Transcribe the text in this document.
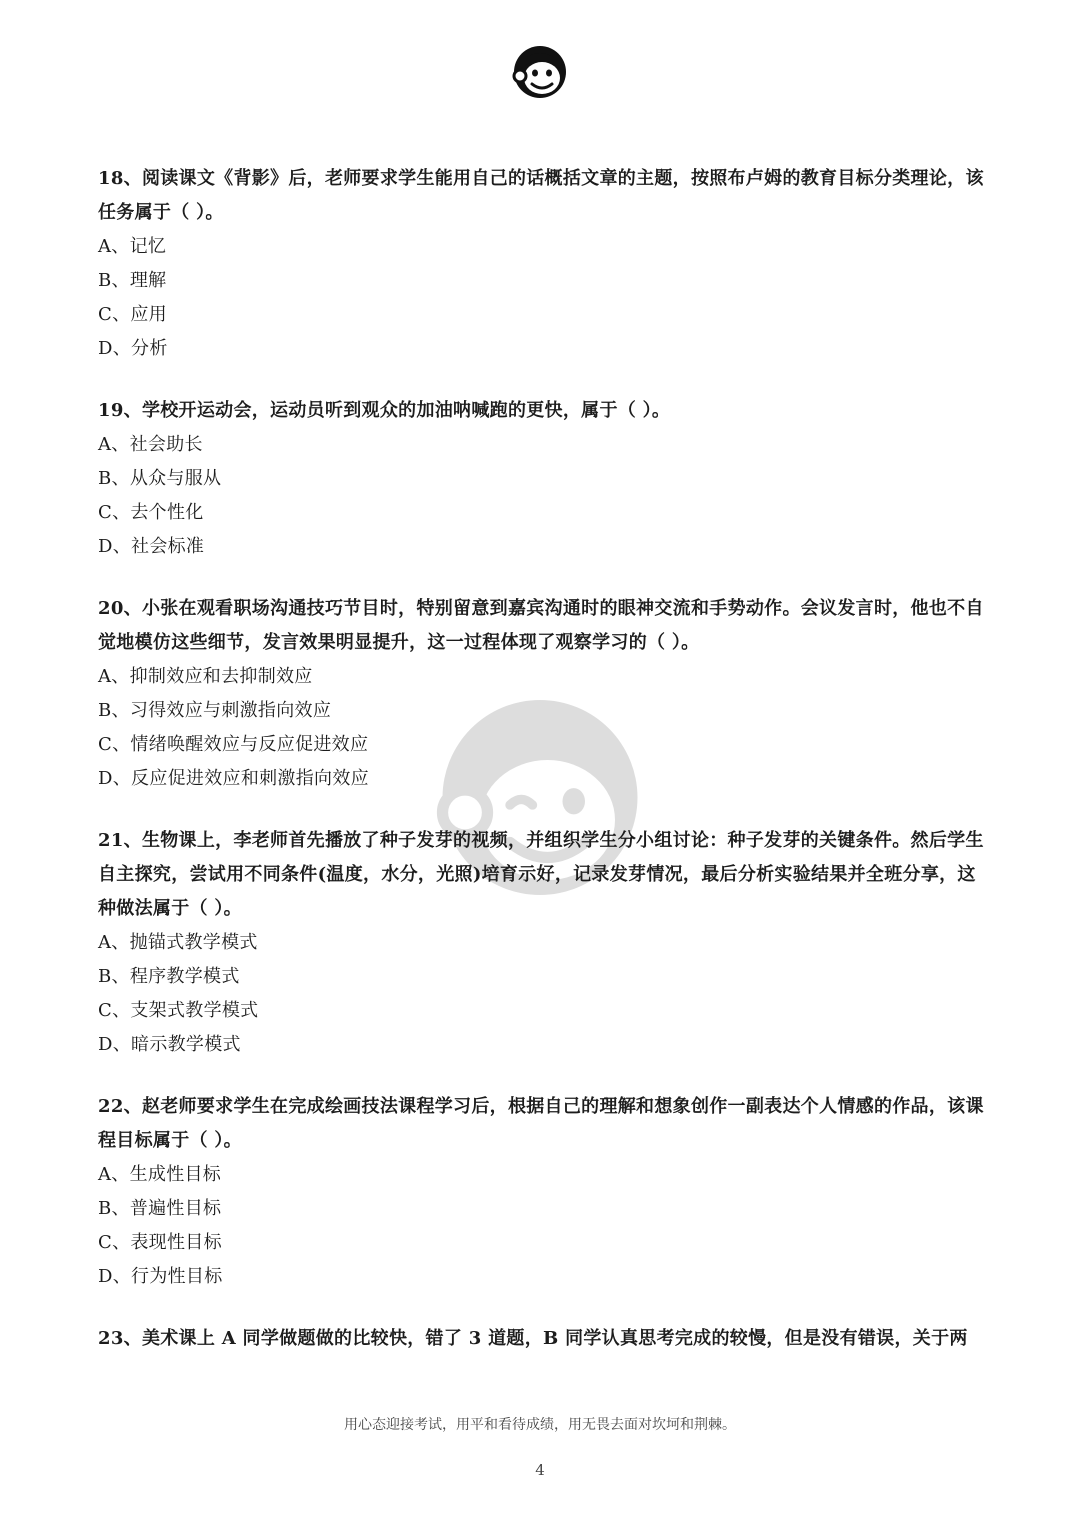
18、阅读课文《背影》后，老师要求学生能用自己的话概括文章的主题，按照布卢姆的教育目标分类理论，该任务属于（ ）。

A、记忆

B、理解

C、应用

D、分析

19、学校开运动会，运动员听到观众的加油呐喊跑的更快，属于（ ）。

A、社会助长

B、从众与服从

C、去个性化

D、社会标准

20、小张在观看职场沟通技巧节目时，特别留意到嘉宾沟通时的眼神交流和手势动作。会议发言时，他也不自觉地模仿这些细节，发言效果明显提升，这一过程体现了观察学习的（ ）。

A、抑制效应和去抑制效应

B、习得效应与刺激指向效应

C、情绪唤醒效应与反应促进效应

D、反应促进效应和刺激指向效应

21、生物课上，李老师首先播放了种子发芽的视频，并组织学生分小组讨论：种子发芽的关键条件。然后学生自主探究，尝试用不同条件(温度，水分，光照)培育示好，记录发芽情况，最后分析实验结果并全班分享，这种做法属于（ ）。

A、抛锚式教学模式

B、程序教学模式

C、支架式教学模式

D、暗示教学模式

22、赵老师要求学生在完成绘画技法课程学习后，根据自己的理解和想象创作一副表达个人情感的作品，该课程目标属于（ ）。

A、生成性目标

B、普遍性目标

C、表现性目标

D、行为性目标

23、美术课上 A 同学做题做的比较快，错了 3 道题，B 同学认真思考完成的较慢，但是没有错误，关于两

用心态迎接考试，用平和看待成绩，用无畏去面对坎坷和荆棘。
4
